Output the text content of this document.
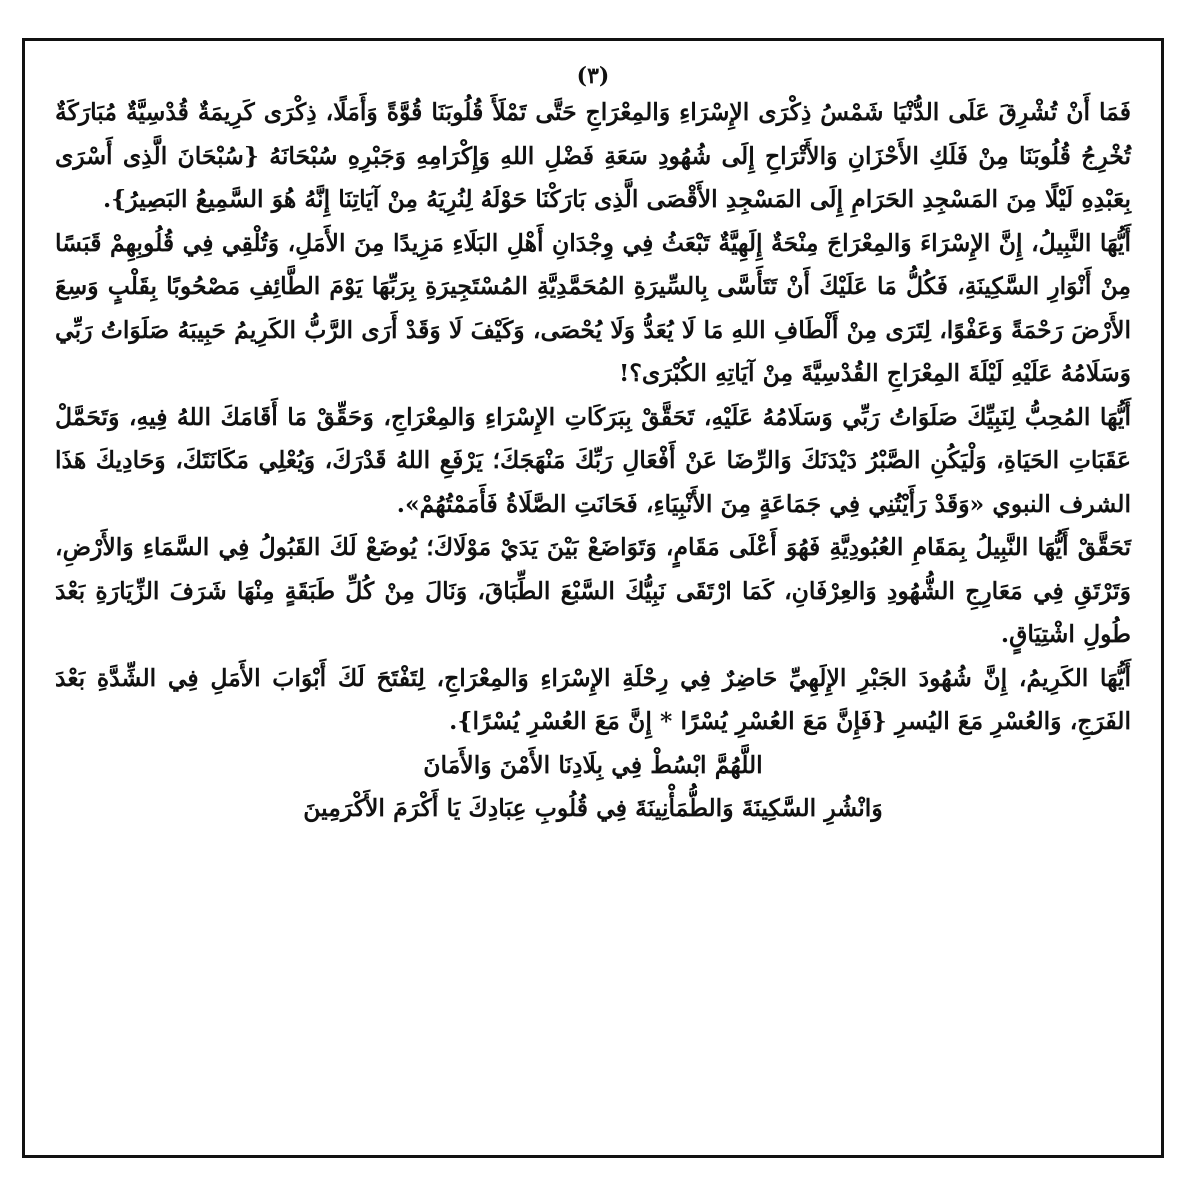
(٣)

فَمَا أَنْ تُشْرِقَ عَلَى الدُّنْيَا شَمْسُ ذِكْرَى الإِسْرَاءِ وَالمِعْرَاجِ حَتَّى تَمْلَأَ قُلُوبَنَا قُوَّةً وَأَمَلًا، ذِكْرَى كَرِيمَةٌ قُدْسِيَّةٌ مُبَارَكَةٌ تُخْرِجُ قُلُوبَنَا مِنْ فَلَكِ الأَحْزَانِ وَالأَتْرَاحِ إِلَى شُهُودِ سَعَةِ فَضْلِ اللهِ وَإِكْرَامِهِ وَجَبْرِهِ سُبْحَانَهُ {سُبْحَانَ الَّذِى أَسْرَى بِعَبْدِهِ لَيْلًا مِنَ المَسْجِدِ الحَرَامِ إِلَى المَسْجِدِ الأَقْصَى الَّذِى بَارَكْنَا حَوْلَهُ لِنُرِيَهُ مِنْ آيَاتِنَا إِنَّهُ هُوَ السَّمِيعُ البَصِيرُ}.

أَيُّهَا النَّبِيلُ، إِنَّ الإِسْرَاءَ وَالمِعْرَاجَ مِنْحَةٌ إِلَهِيَّةٌ تَبْعَثُ فِي وِجْدَانِ أَهْلِ البَلَاءِ مَزِيدًا مِنَ الأَمَلِ، وَتُلْقِي فِي قُلُوبِهِمْ قَبَسًا مِنْ أَنْوَارِ السَّكِينَةِ، فَكُلُّ مَا عَلَيْكَ أَنْ تَتَأَسَّى بِالسِّيرَةِ المُحَمَّدِيَّةِ المُسْتَجِيرَةِ بِرَبِّهَا يَوْمَ الطَّائِفِ مَصْحُوبًا بِقَلْبٍ وَسِعَ الأَرْضَ رَحْمَةً وَعَفْوًا، لِتَرَى مِنْ أَلْطَافِ اللهِ مَا لَا يُعَدُّ وَلَا يُحْصَى، وَكَيْفَ لَا وَقَدْ أَرَى الرَّبُّ الكَرِيمُ حَبِيبَهُ صَلَوَاتُ رَبِّي وَسَلَامُهُ عَلَيْهِ لَيْلَةَ المِعْرَاجِ القُدْسِيَّةَ مِنْ آيَاتِهِ الكُبْرَى؟!

أَيُّهَا المُحِبُّ لِنَبِيِّكَ صَلَوَاتُ رَبِّي وَسَلَامُهُ عَلَيْهِ، تَحَقَّقْ بِبَرَكَاتِ الإِسْرَاءِ وَالمِعْرَاجِ، وَحَقِّقْ مَا أَقَامَكَ اللهُ فِيهِ، وَتَحَمَّلْ عَقَبَاتِ الحَيَاةِ، وَلْيَكُنِ الصَّبْرُ دَيْدَنَكَ وَالرِّضَا عَنْ أَفْعَالِ رَبِّكَ مَنْهَجَكَ؛ يَرْفَعِ اللهُ قَدْرَكَ، وَيُعْلِي مَكَانَتَكَ، وَحَادِيكَ هَذَا الشرف النبوي «وَقَدْ رَأَيْتُنِي فِي جَمَاعَةٍ مِنَ الأَنْبِيَاءِ، فَحَانَتِ الصَّلَاةُ فَأَمَمْتُهُمْ».

تَحَقَّقْ أَيُّهَا النَّبِيلُ بِمَقَامِ العُبُودِيَّةِ فَهُوَ أَعْلَى مَقَامٍ، وَتَوَاضَعْ بَيْنَ يَدَيْ مَوْلَاكَ؛ يُوضَعْ لَكَ القَبُولُ فِي السَّمَاءِ وَالأَرْضِ، وَتَرْتَقِ فِي مَعَارِجِ الشُّهُودِ وَالعِرْفَانِ، كَمَا ارْتَقَى نَبِيُّكَ السَّبْعَ الطِّبَاقَ، وَنَالَ مِنْ كُلِّ طَبَقَةٍ مِنْهَا شَرَفَ الزِّيَارَةِ بَعْدَ طُولِ اشْتِيَاقٍ.

أَيُّهَا الكَرِيمُ، إِنَّ شُهُودَ الجَبْرِ الإِلَهِيِّ حَاضِرٌ فِي رِحْلَةِ الإِسْرَاءِ وَالمِعْرَاجِ، لِتَفْتَحَ لَكَ أَبْوَابَ الأَمَلِ فِي الشِّدَّةِ بَعْدَ الفَرَجِ، وَالعُسْرِ مَعَ اليُسرِ {فَإِنَّ مَعَ العُسْرِ يُسْرًا * إِنَّ مَعَ العُسْرِ يُسْرًا}.

اللَّهُمَّ ابْسُطْ فِي بِلَادِنَا الأَمْنَ وَالأَمَانَ

وَانْشُرِ السَّكِينَةَ وَالطُّمَأْنِينَةَ فِي قُلُوبِ عِبَادِكَ يَا أَكْرَمَ الأَكْرَمِينَ
